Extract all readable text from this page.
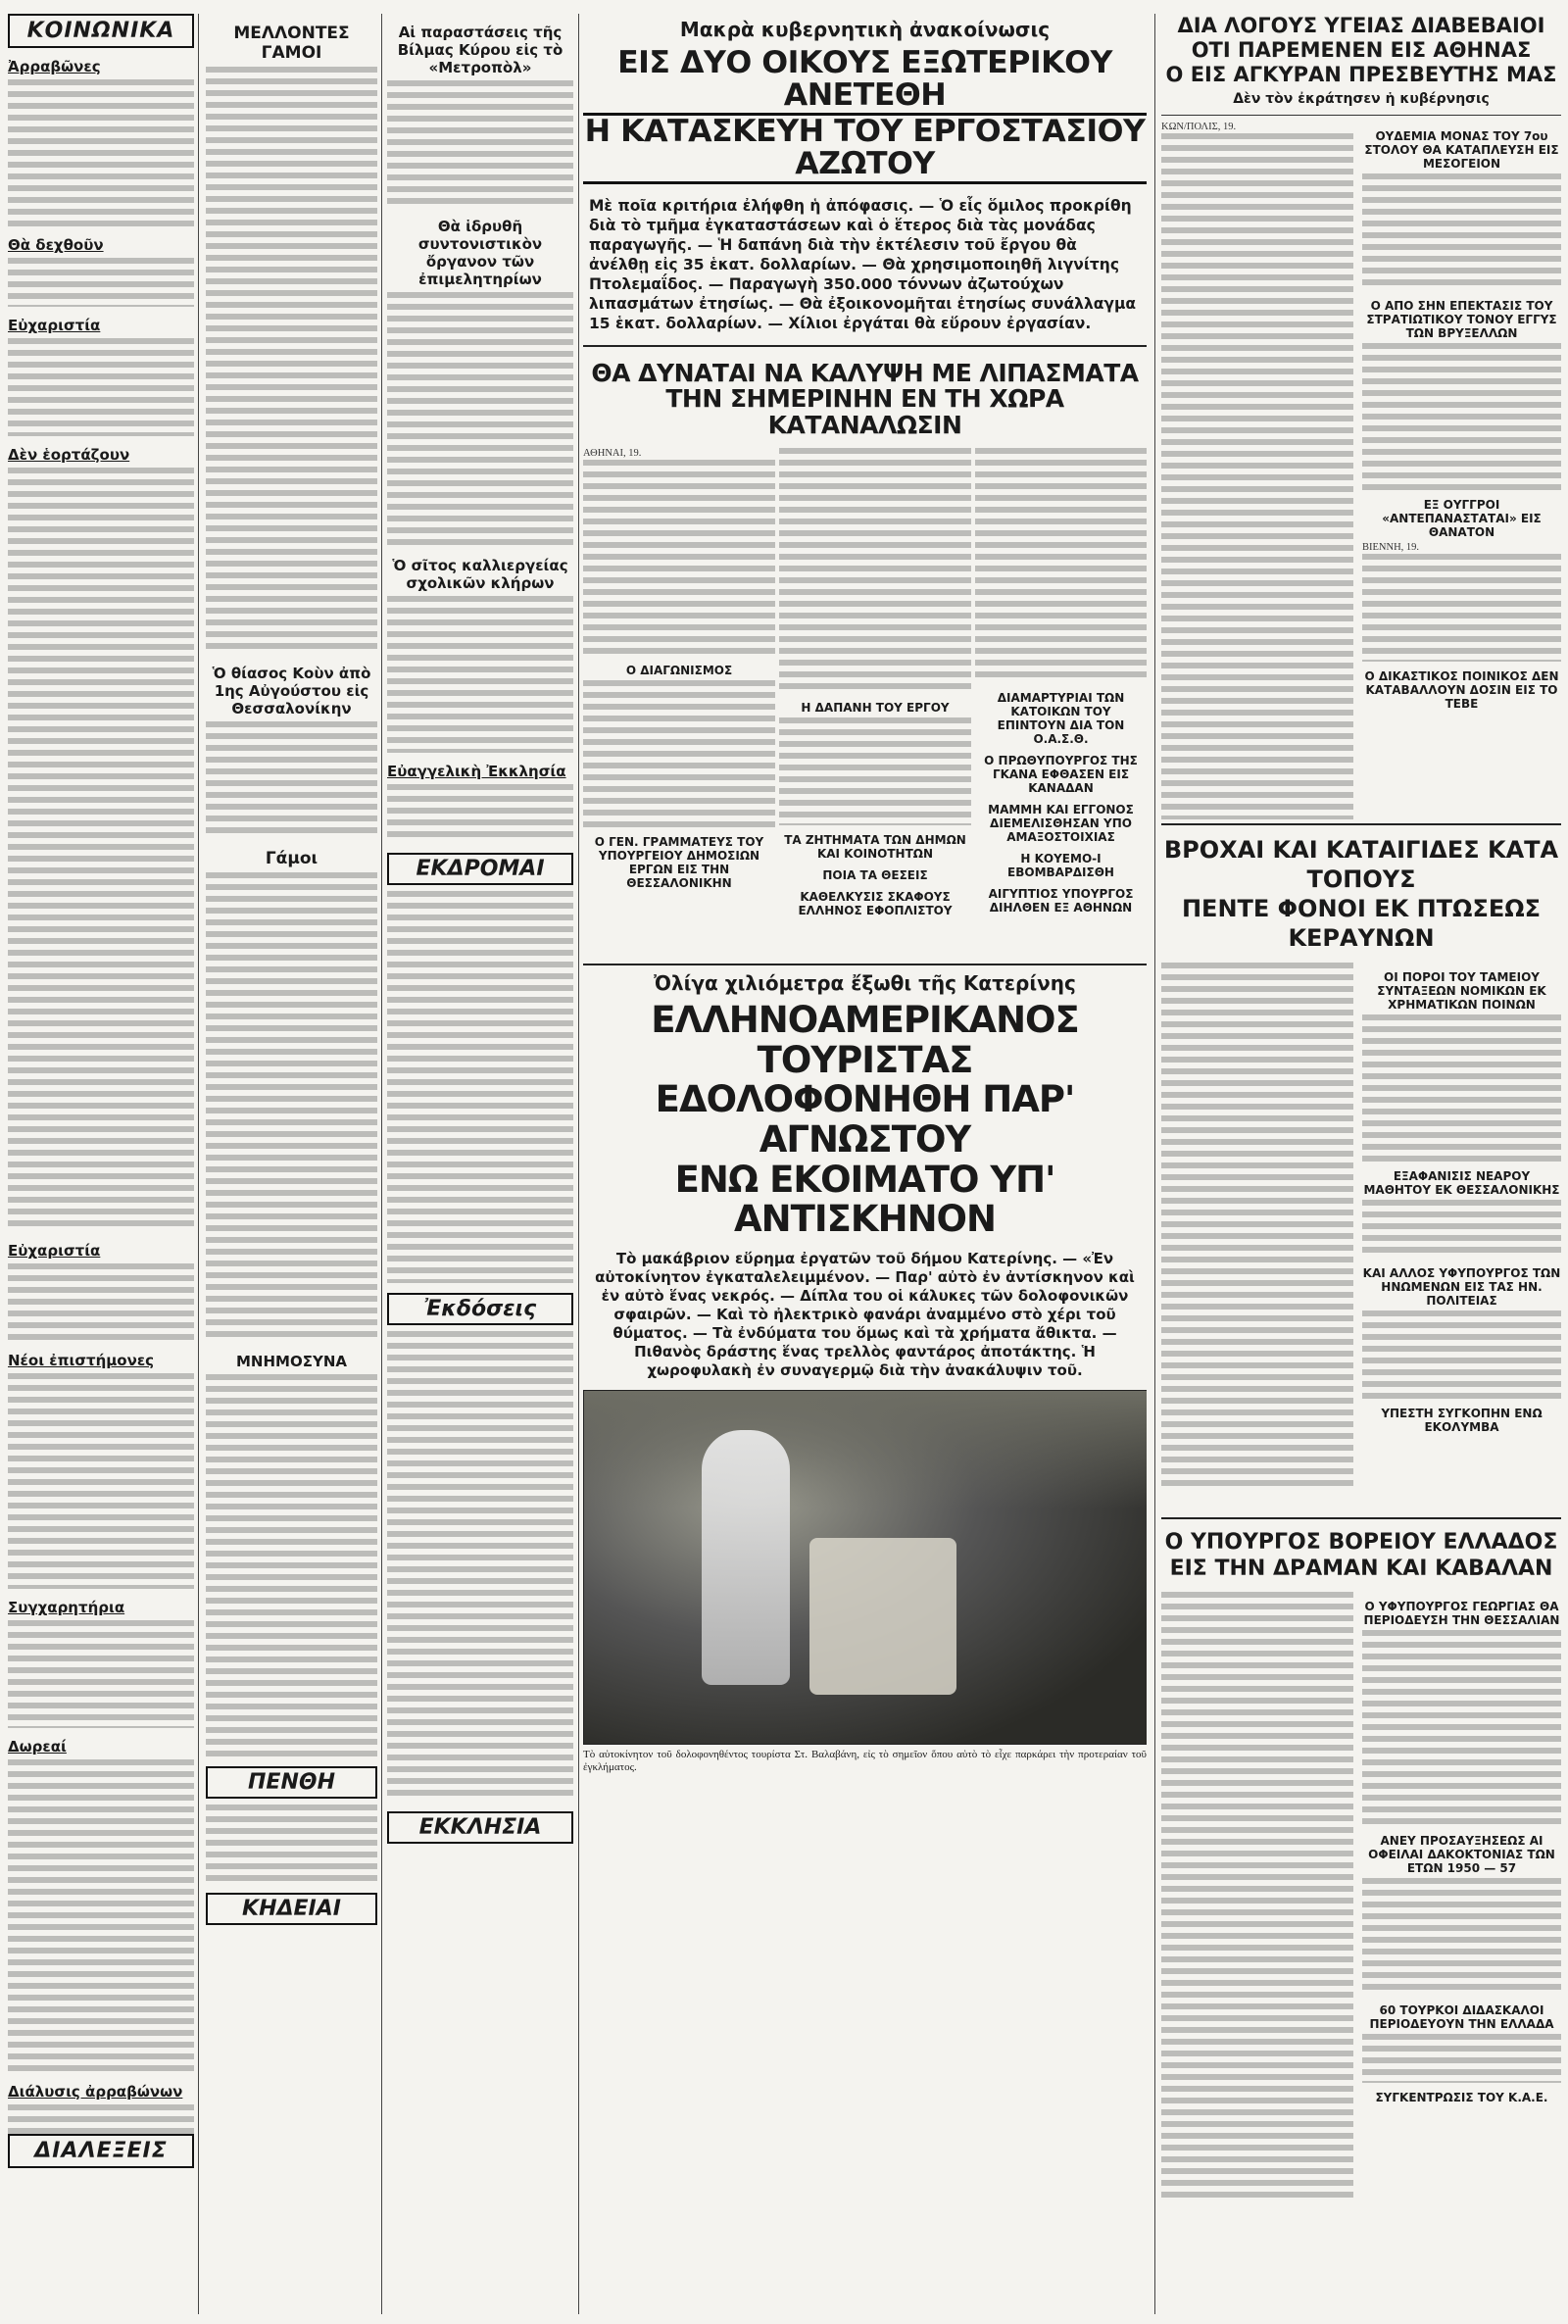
ΚΟΙΝΩΝΙΚΑ
Ἀρραβῶνες
Θὰ δεχθοῦν
Εὐχαριστία
Δὲν ἑορτάζουν
Εὐχαριστία
Νέοι ἐπιστήμονες
Συγχαρητήρια
Δωρεαί
Διάλυσις ἀρραβώνων
ΔΙΑΛΕΞΕΙΣ
ΜΕΛΛΟΝΤΕΣ ΓΑΜΟΙ
Ὁ θίασος Κοὺν ἀπὸ 1ης Αὐγούστου εἰς Θεσσαλονίκην
Γάμοι
ΜΝΗΜΟΣΥΝΑ
ΠΕΝΘΗ
ΚΗΔΕΙΑΙ
Αἱ παραστάσεις τῆς Βίλμας Κύρου εἰς τὸ «Μετροπὸλ»
Θὰ ἱδρυθῆ συντονιστικὸν ὄργανον τῶν ἐπιμελητηρίων
Ὁ σῖτος καλλιεργείας σχολικῶν κλήρων
Εὐαγγελικὴ Ἐκκλησία
ΕΚΔΡΟΜΑΙ
Ἐκδόσεις
ΕΚΚΛΗΣΙΑ
Μακρὰ κυβερνητικὴ ἀνακοίνωσις
ΕΙΣ ΔΥΟ ΟΙΚΟΥΣ ΕΞΩΤΕΡΙΚΟΥ ΑΝΕΤΕΘΗ
Η ΚΑΤΑΣΚΕΥΗ ΤΟΥ ΕΡΓΟΣΤΑΣΙΟΥ ΑΖΩΤΟΥ
Μὲ ποῖα κριτήρια ἐλήφθη ἡ ἀπόφασις. — Ὁ εἷς ὅμιλος προκρίθη διὰ τὸ τμῆμα ἐγκαταστάσεων καὶ ὁ ἕτερος διὰ τὰς μονάδας παραγωγῆς. — Ἡ δαπάνη διὰ τὴν ἐκτέλεσιν τοῦ ἔργου θὰ ἀνέλθῃ εἰς 35 ἑκατ. δολλαρίων. — Θὰ χρησιμοποιηθῆ λιγνίτης Πτολεμαΐδος. — Παραγωγὴ 350.000 τόννων ἀζωτούχων λιπασμάτων ἐτησίως. — Θὰ ἐξοικονομῆται ἐτησίως συνάλλαγμα 15 ἑκατ. δολλαρίων. — Χίλιοι ἐργάται θὰ εὕρουν ἐργασίαν.
ΘΑ ΔΥΝΑΤΑΙ ΝΑ ΚΑΛΥΨΗ ΜΕ ΛΙΠΑΣΜΑΤΑ ΤΗΝ ΣΗΜΕΡΙΝΗΝ ΕΝ ΤΗ ΧΩΡΑ ΚΑΤΑΝΑΛΩΣΙΝ
ΑΘΗΝΑΙ, 19.
Ο ΔΙΑΓΩΝΙΣΜΟΣ
Ο ΓΕΝ. ΓΡΑΜΜΑΤΕΥΣ ΤΟΥ ΥΠΟΥΡΓΕΙΟΥ ΔΗΜΟΣΙΩΝ ΕΡΓΩΝ ΕΙΣ ΤΗΝ ΘΕΣΣΑΛΟΝΙΚΗΝ
Η ΔΑΠΑΝΗ ΤΟΥ ΕΡΓΟΥ
ΤΑ ΖΗΤΗΜΑΤΑ ΤΩΝ ΔΗΜΩΝ ΚΑΙ ΚΟΙΝΟΤΗΤΩΝ
ΠΟΙΑ ΤΑ ΘΕΣΕΙΣ
ΚΑΘΕΛΚΥΣΙΣ ΣΚΑΦΟΥΣ ΕΛΛΗΝΟΣ ΕΦΟΠΛΙΣΤΟΥ
ΔΙΑΜΑΡΤΥΡΙΑΙ ΤΩΝ ΚΑΤΟΙΚΩΝ ΤΟΥ ΕΠΙΝΤΟΥΝ ΔΙΑ ΤΟΝ Ο.Α.Σ.Θ.
Ο ΠΡΩΘΥΠΟΥΡΓΟΣ ΤΗΣ ΓΚΑΝΑ ΕΦΘΑΣΕΝ ΕΙΣ ΚΑΝΑΔΑΝ
ΜΑΜΜΗ ΚΑΙ ΕΓΓΟΝΟΣ ΔΙΕΜΕΛΙΣΘΗΣΑΝ ΥΠΟ ΑΜΑΞΟΣΤΟΙΧΙΑΣ
Η ΚΟΥΕΜΟ-Ι ΕΒΟΜΒΑΡΔΙΣΘΗ
ΑΙΓΥΠΤΙΟΣ ΥΠΟΥΡΓΟΣ ΔΙΗΛΘΕΝ ΕΞ ΑΘΗΝΩΝ
Ὀλίγα χιλιόμετρα ἔξωθι τῆς Κατερίνης
ΕΛΛΗΝΟΑΜΕΡΙΚΑΝΟΣ ΤΟΥΡΙΣΤΑΣ
ΕΔΟΛΟΦΟΝΗΘΗ ΠΑΡ' ΑΓΝΩΣΤΟΥ
ΕΝΩ ΕΚΟΙΜΑΤΟ ΥΠ' ΑΝΤΙΣΚΗΝΟΝ
Τὸ μακάβριον εὕρημα ἐργατῶν τοῦ δήμου Κατερίνης. — «Ἐν αὐτοκίνητον ἐγκαταλελειμμένον. — Παρ' αὐτὸ ἐν ἀντίσκηνον καὶ ἐν αὐτὸ ἕνας νεκρός. — Δίπλα του οἱ κάλυκες τῶν δολοφονικῶν σφαιρῶν. — Καὶ τὸ ἠλεκτρικὸ φανάρι ἀναμμένο στὸ χέρι τοῦ θύματος. — Τὰ ἐνδύματα του ὅμως καὶ τὰ χρήματα ἄθικτα. — Πιθανὸς δράστης ἕνας τρελλὸς φαντάρος ἀποτάκτης. Ἡ χωροφυλακὴ ἐν συναγερμῷ διὰ τὴν ἀνακάλυψιν τοῦ.
Τὸ αὐτοκίνητον τοῦ δολοφονηθέντος τουρίστα Στ. Βαλαβάνη, εἰς τὸ σημεῖον ὅπου αὐτὸ τὸ εἶχε παρκάρει τὴν προτεραίαν τοῦ ἐγκλήματος.
ΔΙΑ ΛΟΓΟΥΣ ΥΓΕΙΑΣ ΔΙΑΒΕΒΑΙΟΙ
ΟΤΙ ΠΑΡΕΜΕΝΕΝ ΕΙΣ ΑΘΗΝΑΣ
Ο ΕΙΣ ΑΓΚΥΡΑΝ ΠΡΕΣΒΕΥΤΗΣ ΜΑΣ
Δὲν τὸν ἐκράτησεν ἡ κυβέρνησις
ΚΩΝ/ΠΟΛΙΣ, 19.
ΟΥΔΕΜΙΑ ΜΟΝΑΣ ΤΟΥ 7ου ΣΤΟΛΟΥ ΘΑ ΚΑΤΑΠΛΕΥΣΗ ΕΙΣ ΜΕΣΟΓΕΙΟΝ
Ο ΑΠΟ ΣΗΝ ΕΠΕΚΤΑΣΙΣ ΤΟΥ ΣΤΡΑΤΙΩΤΙΚΟΥ ΤΟΝΟΥ ΕΓΓΥΣ ΤΩΝ ΒΡΥΞΕΛΛΩΝ
ΕΞ ΟΥΓΓΡΟΙ «ΑΝΤΕΠΑΝΑΣΤΑΤΑΙ» ΕΙΣ ΘΑΝΑΤΟΝ
ΒΙΕΝΝΗ, 19.
Ο ΔΙΚΑΣΤΙΚΟΣ ΠΟΙΝΙΚΟΣ ΔΕΝ ΚΑΤΑΒΑΛΛΟΥΝ ΔΟΣΙΝ ΕΙΣ ΤΟ ΤΕΒΕ
ΒΡΟΧΑΙ ΚΑΙ ΚΑΤΑΙΓΙΔΕΣ ΚΑΤΑ ΤΟΠΟΥΣ
ΠΕΝΤΕ ΦΟΝΟΙ ΕΚ ΠΤΩΣΕΩΣ ΚΕΡΑΥΝΩΝ
ΟΙ ΠΟΡΟΙ ΤΟΥ ΤΑΜΕΙΟΥ ΣΥΝΤΑΞΕΩΝ ΝΟΜΙΚΩΝ ΕΚ ΧΡΗΜΑΤΙΚΩΝ ΠΟΙΝΩΝ
ΕΞΑΦΑΝΙΣΙΣ ΝΕΑΡΟΥ ΜΑΘΗΤΟΥ ΕΚ ΘΕΣΣΑΛΟΝΙΚΗΣ
ΚΑΙ ΑΛΛΟΣ ΥΦΥΠΟΥΡΓΟΣ ΤΩΝ ΗΝΩΜΕΝΩΝ ΕΙΣ ΤΑΣ ΗΝ. ΠΟΛΙΤΕΙΑΣ
ΥΠΕΣΤΗ ΣΥΓΚΟΠΗΝ ΕΝΩ ΕΚΟΛΥΜΒΑ
Ο ΥΠΟΥΡΓΟΣ ΒΟΡΕΙΟΥ ΕΛΛΑΔΟΣ ΕΙΣ ΤΗΝ ΔΡΑΜΑΝ ΚΑΙ ΚΑΒΑΛΑΝ
Ο ΥΦΥΠΟΥΡΓΟΣ ΓΕΩΡΓΙΑΣ ΘΑ ΠΕΡΙΟΔΕΥΣΗ ΤΗΝ ΘΕΣΣΑΛΙΑΝ
ΑΝΕΥ ΠΡΟΣΑΥΞΗΣΕΩΣ ΑΙ ΟΦΕΙΛΑΙ ΔΑΚΟΚΤΟΝΙΑΣ ΤΩΝ ΕΤΩΝ 1950 — 57
60 ΤΟΥΡΚΟΙ ΔΙΔΑΣΚΑΛΟΙ ΠΕΡΙΟΔΕΥΟΥΝ ΤΗΝ ΕΛΛΑΔΑ
ΣΥΓΚΕΝΤΡΩΣΙΣ ΤΟΥ Κ.Α.Ε.
